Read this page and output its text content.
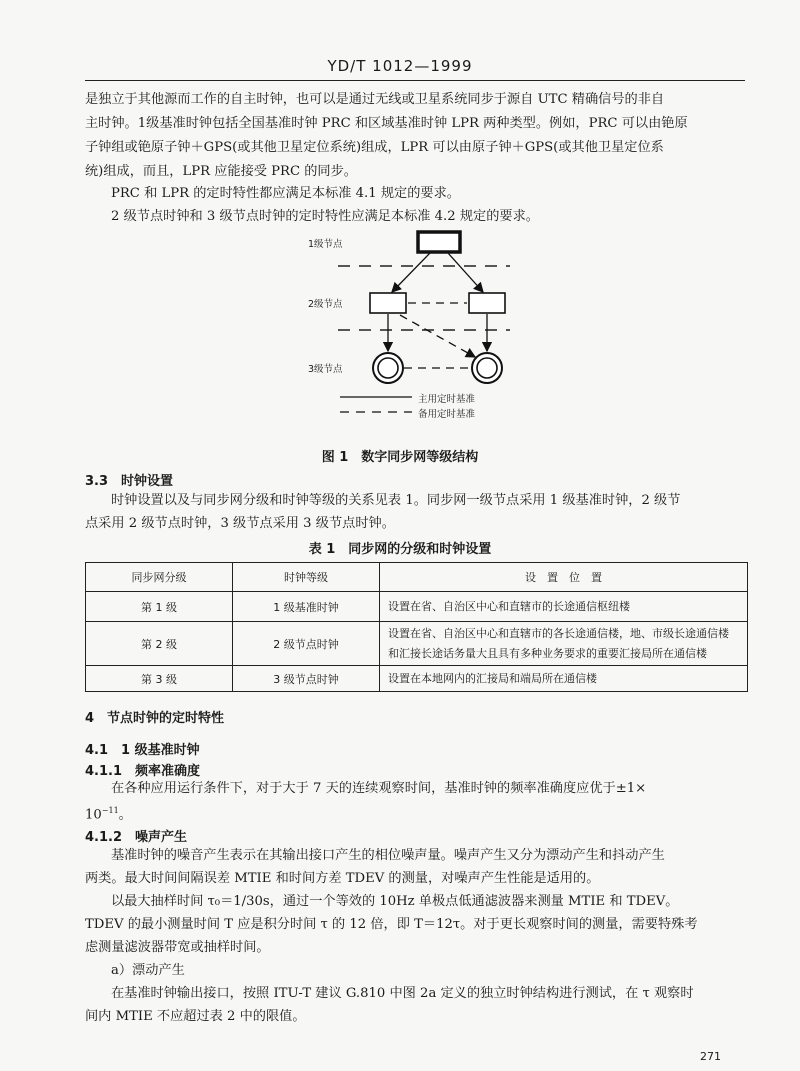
YD/T 1012—1999
是独立于其他源而工作的自主时钟，也可以是通过无线或卫星系统同步于源自 UTC 精确信号的非自
主时钟。1级基准时钟包括全国基准时钟 PRC 和区域基准时钟 LPR 两种类型。例如，PRC 可以由铯原
子钟组或铯原子钟＋GPS(或其他卫星定位系统)组成，LPR 可以由原子钟＋GPS(或其他卫星定位系
统)组成，而且，LPR 应能接受 PRC 的同步。
PRC 和 LPR 的定时特性都应满足本标准 4.1 规定的要求。
2 级节点时钟和 3 级节点时钟的定时特性应满足本标准 4.2 规定的要求。
1级节点
2级节点
3级节点
主用定时基准
备用定时基准
图 1　数字同步网等级结构
3.3　时钟设置
时钟设置以及与同步网分级和时钟等级的关系见表 1。同步网一级节点采用 1 级基准时钟，2 级节
点采用 2 级节点时钟，3 级节点采用 3 级节点时钟。
表 1　同步网的分级和时钟设置
同步网分级	时钟等级	设　置　位　置
第 1 级	1 级基准时钟	设置在省、自治区中心和直辖市的长途通信枢纽楼
第 2 级	2 级节点时钟	设置在省、自治区中心和直辖市的各长途通信楼，地、市级长途通信楼和汇接长途话务量大且具有多种业务要求的重要汇接局所在通信楼
第 3 级	3 级节点时钟	设置在本地网内的汇接局和端局所在通信楼
4　节点时钟的定时特性
4.1　1 级基准时钟
4.1.1　频率准确度
在各种应用运行条件下，对于大于 7 天的连续观察时间，基准时钟的频率准确度应优于±1×
$10^{-11}$。
4.1.2　噪声产生
基准时钟的噪音产生表示在其输出接口产生的相位噪声量。噪声产生又分为漂动产生和抖动产生
两类。最大时间间隔误差 MTIE 和时间方差 TDEV 的测量，对噪声产生性能是适用的。
以最大抽样时间 τ₀＝1/30s，通过一个等效的 10Hz 单极点低通滤波器来测量 MTIE 和 TDEV。
TDEV 的最小测量时间 T 应是积分时间 τ 的 12 倍，即 T＝12τ。对于更长观察时间的测量，需要特殊考
虑测量滤波器带宽或抽样时间。
a）漂动产生
在基准时钟输出接口，按照 ITU-T 建议 G.810 中图 2a 定义的独立时钟结构进行测试，在 τ 观察时
间内 MTIE 不应超过表 2 中的限值。
271
